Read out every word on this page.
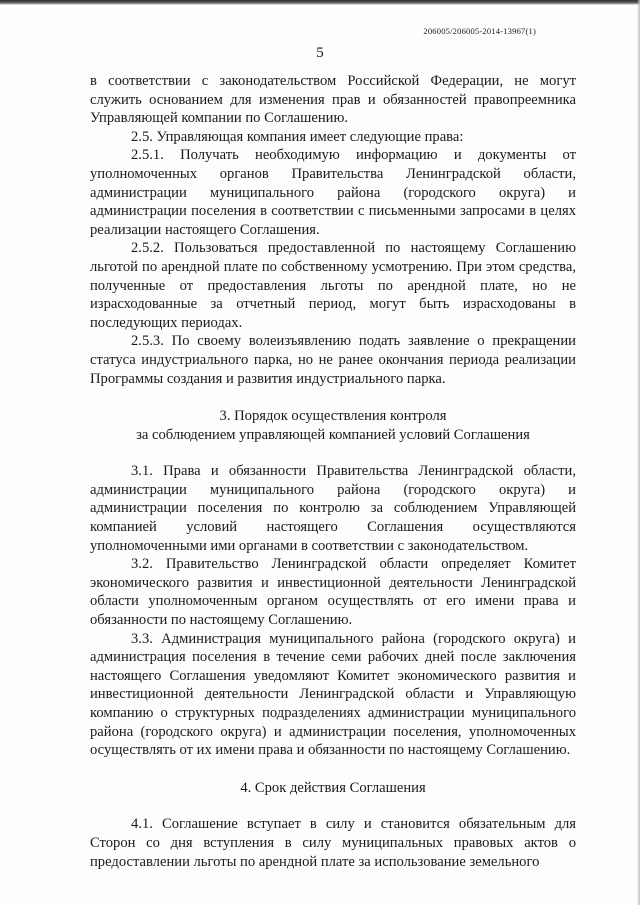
206005/206005-2014-13967(1)
5

в соответствии с законодательством Российской Федерации, не могут служить основанием для изменения прав и обязанностей правопреемника Управляющей компании по Соглашению.

2.5. Управляющая компания имеет следующие права:

2.5.1. Получать необходимую информацию и документы от уполномоченных органов Правительства Ленинградской области, администрации муниципального района (городского округа) и администрации поселения в соответствии с письменными запросами в целях реализации настоящего Соглашения.

2.5.2. Пользоваться предоставленной по настоящему Соглашению льготой по арендной плате по собственному усмотрению. При этом средства, полученные от предоставления льготы по арендной плате, но не израсходованные за отчетный период, могут быть израсходованы в последующих периодах.

2.5.3. По своему волеизъявлению подать заявление о прекращении статуса индустриального парка, но не ранее окончания периода реализации Программы создания и развития индустриального парка.

3. Порядок осуществления контроля
за соблюдением управляющей компанией условий Соглашения

3.1. Права и обязанности Правительства Ленинградской области, администрации муниципального района (городского округа) и администрации поселения по контролю за соблюдением Управляющей компанией условий настоящего Соглашения осуществляются уполномоченными ими органами в соответствии с законодательством.

3.2. Правительство Ленинградской области определяет Комитет экономического развития и инвестиционной деятельности Ленинградской области уполномоченным органом осуществлять от его имени права и обязанности по настоящему Соглашению.

3.3. Администрация муниципального района (городского округа) и администрация поселения в течение семи рабочих дней после заключения настоящего Соглашения уведомляют Комитет экономического развития и инвестиционной деятельности Ленинградской области и Управляющую компанию о структурных подразделениях администрации муниципального района (городского округа) и администрации поселения, уполномоченных осуществлять от их имени права и обязанности по настоящему Соглашению.

4. Срок действия Соглашения

4.1. Соглашение вступает в силу и становится обязательным для Сторон со дня вступления в силу муниципальных правовых актов о предоставлении льготы по арендной плате за использование земельного
